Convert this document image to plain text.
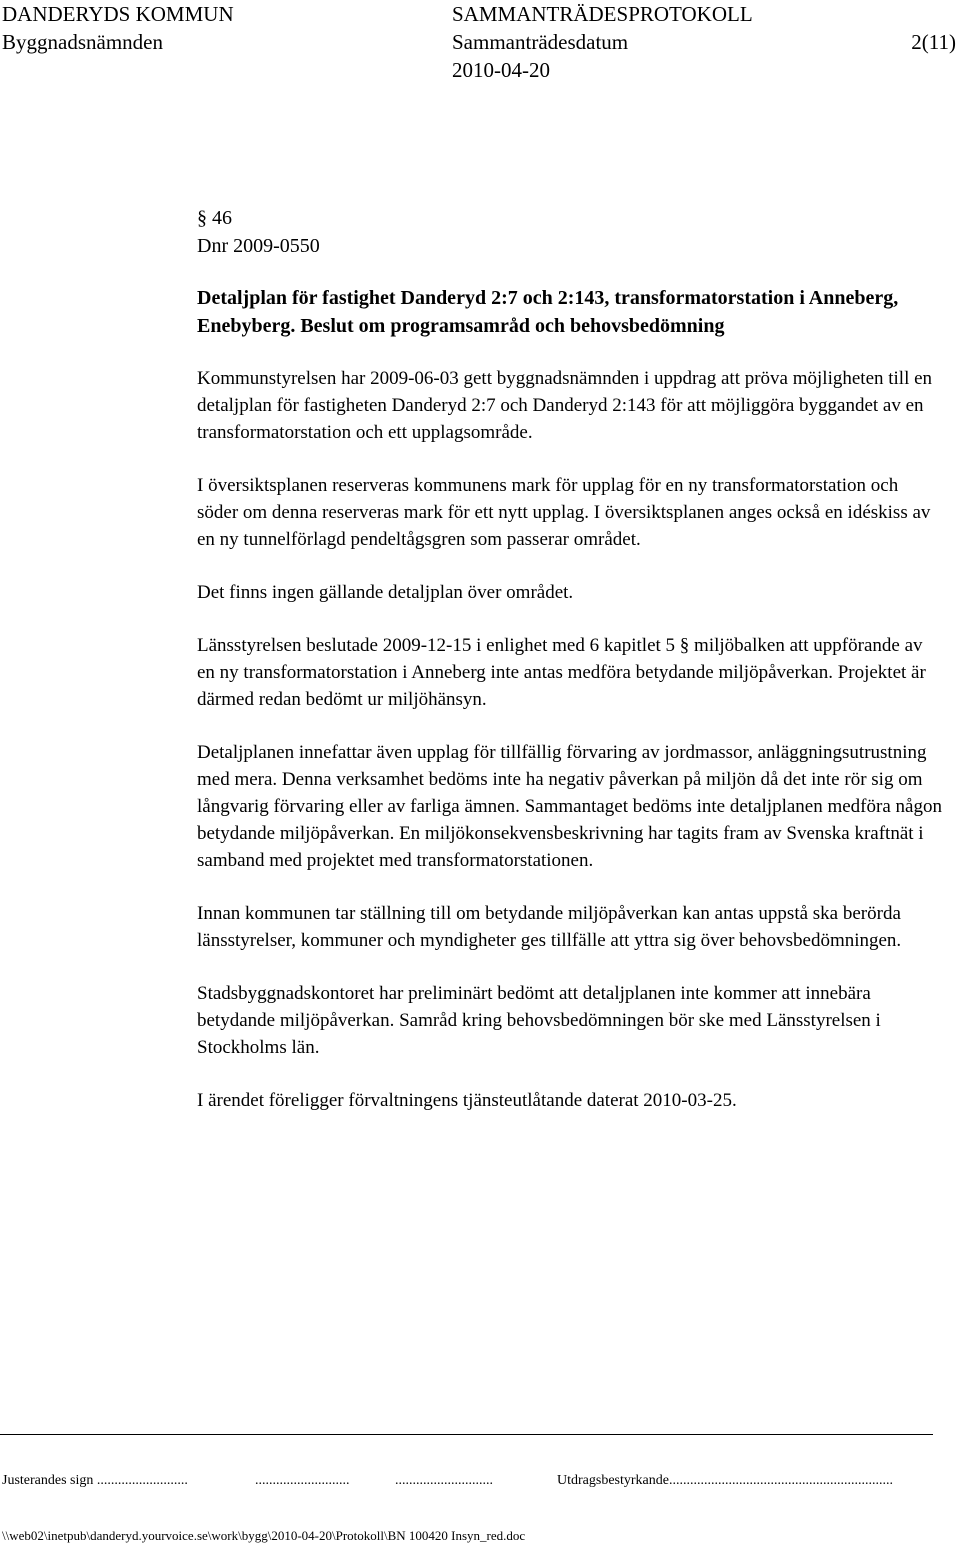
DANDERYDS KOMMUN	SAMMANTRÄDESPROTOKOLL
Byggnadsnämnden	Sammanträdesdatum	2(11)
2010-04-20

§ 46

Dnr 2009-0550

Detaljplan för fastighet Danderyd 2:7 och 2:143, transformatorstation i Anneberg, Enebyberg. Beslut om programsamråd och behovsbedömning

Kommunstyrelsen har 2009-06-03 gett byggnadsnämnden i uppdrag att pröva möjligheten till en detaljplan för fastigheten Danderyd 2:7 och Danderyd 2:143 för att möjliggöra byggandet av en transformatorstation och ett upplagsområde.

I översiktsplanen reserveras kommunens mark för upplag för en ny transformatorstation och söder om denna reserveras mark för ett nytt upplag. I översiktsplanen anges också en idéskiss av en ny tunnelförlagd pendeltågsgren som passerar området.

Det finns ingen gällande detaljplan över området.

Länsstyrelsen beslutade 2009-12-15 i enlighet med 6 kapitlet 5 § miljöbalken att uppförande av en ny transformatorstation i Anneberg inte antas medföra betydande miljöpåverkan. Projektet är därmed redan bedömt ur miljöhänsyn.

Detaljplanen innefattar även upplag för tillfällig förvaring av jordmassor, anläggningsutrustning med mera. Denna verksamhet bedöms inte ha negativ påverkan på miljön då det inte rör sig om långvarig förvaring eller av farliga ämnen. Sammantaget bedöms inte detaljplanen medföra någon betydande miljöpåverkan. En miljökonsekvensbeskrivning har tagits fram av Svenska kraftnät i samband med projektet med transformatorstationen.

Innan kommunen tar ställning till om betydande miljöpåverkan kan antas uppstå ska berörda länsstyrelser, kommuner och myndigheter ges tillfälle att yttra sig över behovsbedömningen.

Stadsbyggnadskontoret har preliminärt bedömt att detaljplanen inte kommer att innebära betydande miljöpåverkan. Samråd kring behovsbedömningen bör ske med Länsstyrelsen i Stockholms län.

I ärendet föreligger förvaltningens tjänsteutlåtande daterat 2010-03-25.

Justerandes sign ..........................	...........................	............................	Utdragsbestyrkande................................................................
\\web02\inetpub\danderyd.yourvoice.se\work\bygg\2010-04-20\Protokoll\BN 100420 Insyn_red.doc
